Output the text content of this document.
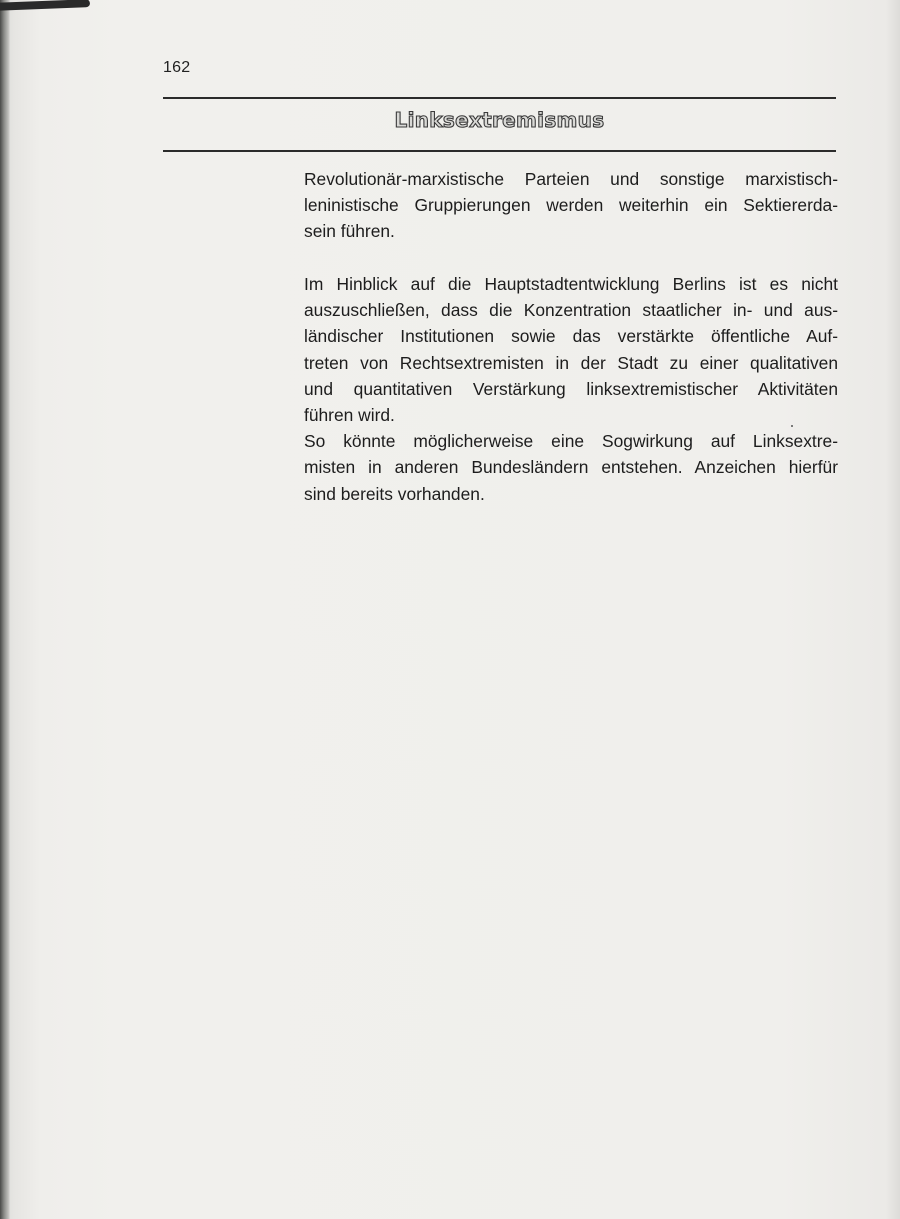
162
Linksextremismus
Revolutionär-marxistische Parteien und sonstige marxistisch-
leninistische Gruppierungen werden weiterhin ein Sektiererda-
sein führen.
Im Hinblick auf die Hauptstadtentwicklung Berlins ist es nicht
auszuschließen, dass die Konzentration staatlicher in- und aus-
ländischer Institutionen sowie das verstärkte öffentliche Auf-
treten von Rechtsextremisten in der Stadt zu einer qualitativen
und quantitativen Verstärkung linksextremistischer Aktivitäten
führen wird.
So könnte möglicherweise eine Sogwirkung auf Linksextre-
misten in anderen Bundesländern entstehen. Anzeichen hierfür
sind bereits vorhanden.
